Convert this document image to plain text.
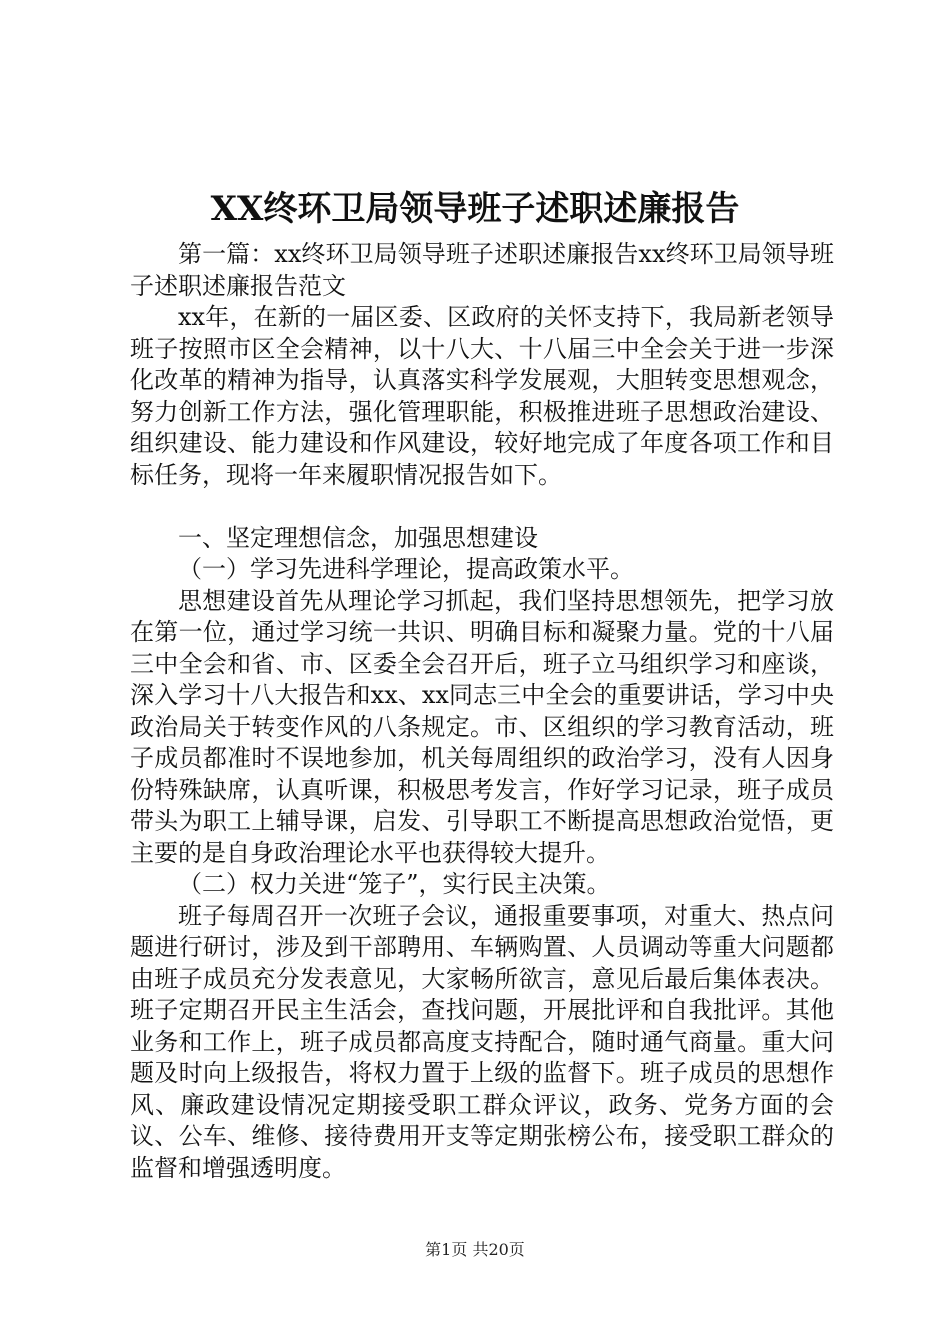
XX终环卫局领导班子述职述廉报告

第一篇：xx终环卫局领导班子述职述廉报告xx终环卫局领导班子述职述廉报告范文

xx年，在新的一届区委、区政府的关怀支持下，我局新老领导班子按照市区全会精神，以十八大、十八届三中全会关于进一步深化改革的精神为指导，认真落实科学发展观，大胆转变思想观念，努力创新工作方法，强化管理职能，积极推进班子思想政治建设、组织建设、能力建设和作风建设，较好地完成了年度各项工作和目标任务，现将一年来履职情况报告如下。

一、坚定理想信念，加强思想建设

（一）学习先进科学理论，提高政策水平。

思想建设首先从理论学习抓起，我们坚持思想领先，把学习放在第一位，通过学习统一共识、明确目标和凝聚力量。党的十八届三中全会和省、市、区委全会召开后，班子立马组织学习和座谈，深入学习十八大报告和xx、xx同志三中全会的重要讲话，学习中央政治局关于转变作风的八条规定。市、区组织的学习教育活动，班子成员都准时不误地参加，机关每周组织的政治学习，没有人因身份特殊缺席，认真听课，积极思考发言，作好学习记录，班子成员带头为职工上辅导课，启发、引导职工不断提高思想政治觉悟，更主要的是自身政治理论水平也获得较大提升。

（二）权力关进“笼子”，实行民主决策。

班子每周召开一次班子会议，通报重要事项，对重大、热点问题进行研讨，涉及到干部聘用、车辆购置、人员调动等重大问题都由班子成员充分发表意见，大家畅所欲言，意见后最后集体表决。班子定期召开民主生活会，查找问题，开展批评和自我批评。其他业务和工作上，班子成员都高度支持配合，随时通气商量。重大问题及时向上级报告，将权力置于上级的监督下。班子成员的思想作风、廉政建设情况定期接受职工群众评议，政务、党务方面的会议、公车、维修、接待费用开支等定期张榜公布，接受职工群众的监督和增强透明度。

第1页 共20页
